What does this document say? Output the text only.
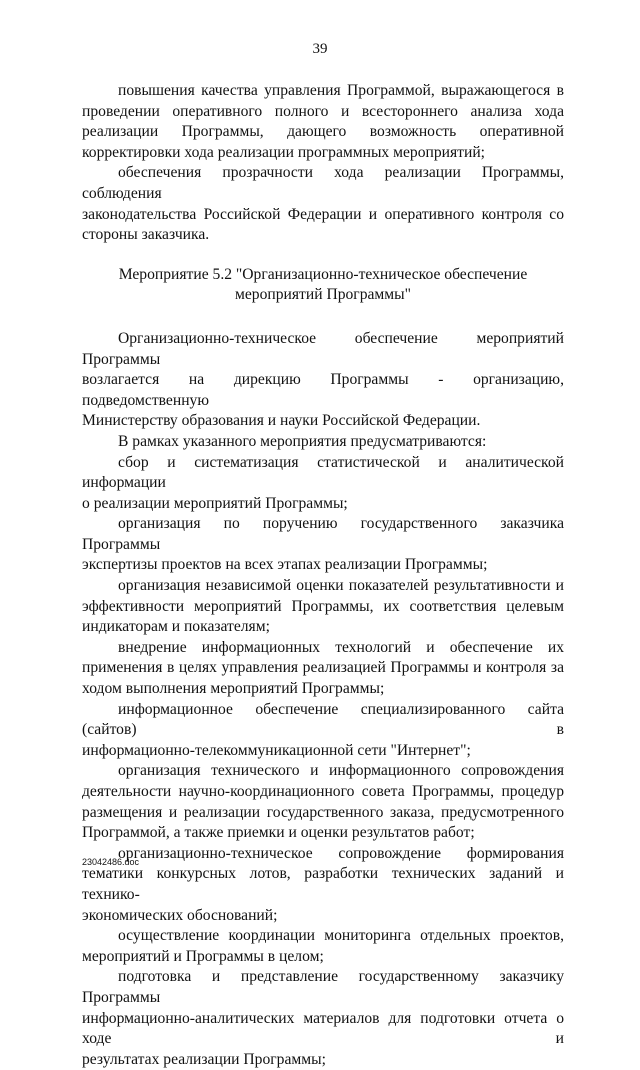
39
повышения качества управления Программой, выражающегося в
проведении оперативного полного и всестороннего анализа хода
реализации Программы, дающего возможность оперативной
корректировки хода реализации программных мероприятий;
обеспечения прозрачности хода реализации Программы, соблюдения
законодательства Российской Федерации и оперативного контроля со
стороны заказчика.
Мероприятие 5.2 "Организационно-техническое обеспечение
мероприятий Программы"
Организационно-техническое обеспечение мероприятий Программы
возлагается на дирекцию Программы - организацию, подведомственную
Министерству образования и науки Российской Федерации.
В рамках указанного мероприятия предусматриваются:
сбор и систематизация статистической и аналитической информации
о реализации мероприятий Программы;
организация по поручению государственного заказчика Программы
экспертизы проектов на всех этапах реализации Программы;
организация независимой оценки показателей результативности и
эффективности мероприятий Программы, их соответствия целевым
индикаторам и показателям;
внедрение информационных технологий и обеспечение их
применения в целях управления реализацией Программы и контроля за
ходом выполнения мероприятий Программы;
информационное обеспечение специализированного сайта (сайтов) в
информационно-телекоммуникационной сети "Интернет";
организация технического и информационного сопровождения
деятельности научно-координационного совета Программы, процедур
размещения и реализации государственного заказа, предусмотренного
Программой, а также приемки и оценки результатов работ;
организационно-техническое сопровождение формирования
тематики конкурсных лотов, разработки технических заданий и технико-
экономических обоснований;
осуществление координации мониторинга отдельных проектов,
мероприятий и Программы в целом;
подготовка и представление государственному заказчику Программы
информационно-аналитических материалов для подготовки отчета о ходе и
результатах реализации Программы;
23042486.doc
